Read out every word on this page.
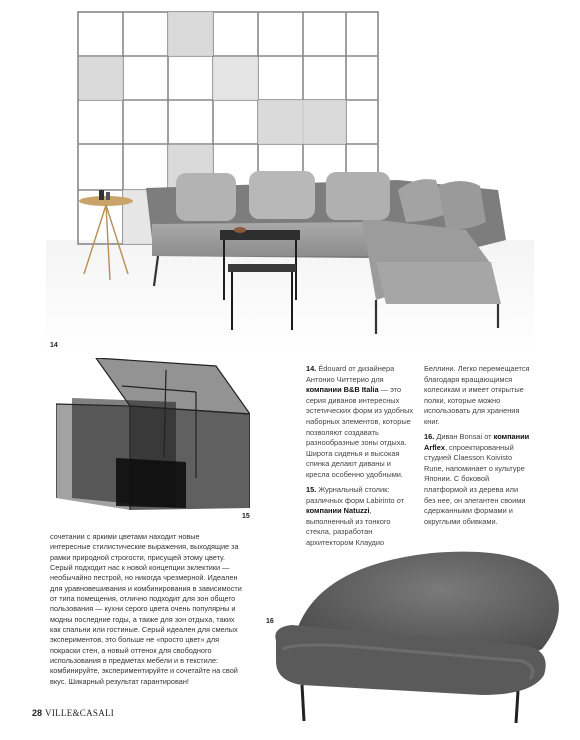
14
15
14. Édouard от дизайнера Антонио Читтерио для компании B&B Italia — это серия диванов интересных эстетических форм из удобных наборных элементов, которые позволяют создавать разнообразные зоны отдыха. Широта сиденья и высокая спинка делают диваны и кресла особенно удобными.
15. Журнальный столик: различных форм Labirinto от компании Natuzzi, выполненный из тонкого стекла, разработан архитектором Клаудио
Беллини. Легко перемещается благодаря вращающимся колесикам и имеет открытые полки, которые можно использовать для хранения книг.
16. Диван Bonsai от компании Arflex, спроектированный студией Claesson Koivisto Rune, напоминает о культуре Японии. С боковой платформой из дерева или без нее, он элегантен своими сдержанными формами и округлыми обивками.
сочетании с яркими цветами находит новые интересные стилистические выражения, выходящие за рамки природной строгости, присущей этому цвету. Серый подходит нас к новой концепции эклектики — необычайно пестрой, но никогда чрезмерной. Идеален для уравновешивания и комбинирования в зависимости от типа помещения, отлично подходит для зон общего пользования — кухни серого цвета очень популярны и модны последние годы, а также для зон отдыха, таких как спальни или гостиные. Серый идеален для смелых экспериментов, это больше не «просто цвет» для покраски стен, а новый оттенок для свободного использования в предметах мебели и в текстиле: комбинируйте, экспериментируйте и сочетайте на свой вкус. Шикарный результат гарантирован!
16
28 VILLE&CASALI
